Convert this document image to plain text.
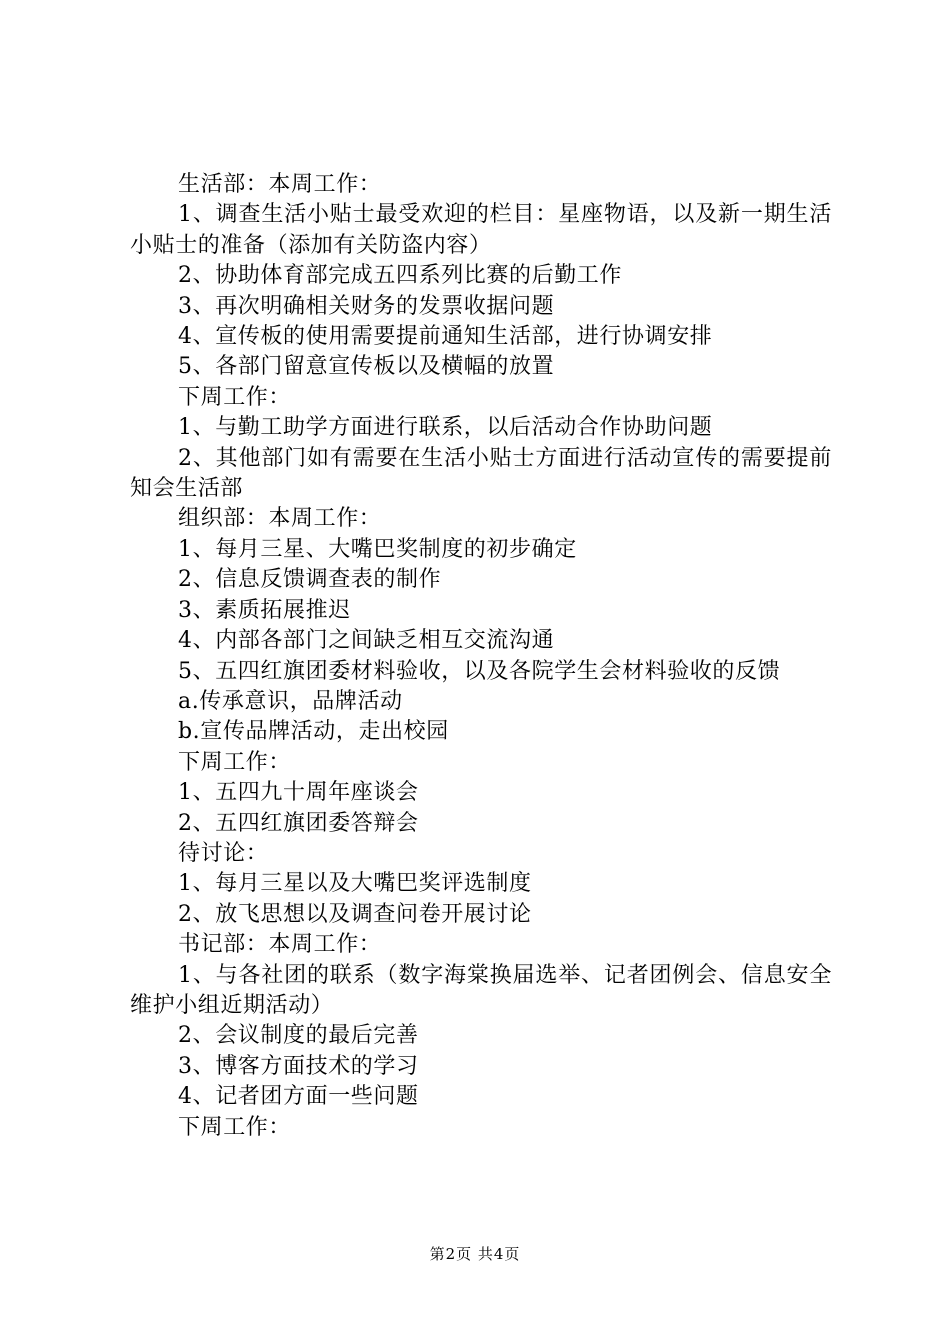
生活部：本周工作：

1、调查生活小贴士最受欢迎的栏目：星座物语，以及新一期生活小贴士的准备（添加有关防盗内容）

2、协助体育部完成五四系列比赛的后勤工作

3、再次明确相关财务的发票收据问题

4、宣传板的使用需要提前通知生活部，进行协调安排

5、各部门留意宣传板以及横幅的放置

下周工作：

1、与勤工助学方面进行联系，以后活动合作协助问题

2、其他部门如有需要在生活小贴士方面进行活动宣传的需要提前知会生活部

组织部：本周工作：

1、每月三星、大嘴巴奖制度的初步确定

2、信息反馈调查表的制作

3、素质拓展推迟

4、内部各部门之间缺乏相互交流沟通

5、五四红旗团委材料验收，以及各院学生会材料验收的反馈

a.传承意识，品牌活动

b.宣传品牌活动，走出校园

下周工作：

1、五四九十周年座谈会

2、五四红旗团委答辩会

待讨论：

1、每月三星以及大嘴巴奖评选制度

2、放飞思想以及调查问卷开展讨论

书记部：本周工作：

1、与各社团的联系（数字海棠换届选举、记者团例会、信息安全维护小组近期活动）

2、会议制度的最后完善

3、博客方面技术的学习

4、记者团方面一些问题

下周工作：

第2页 共4页
